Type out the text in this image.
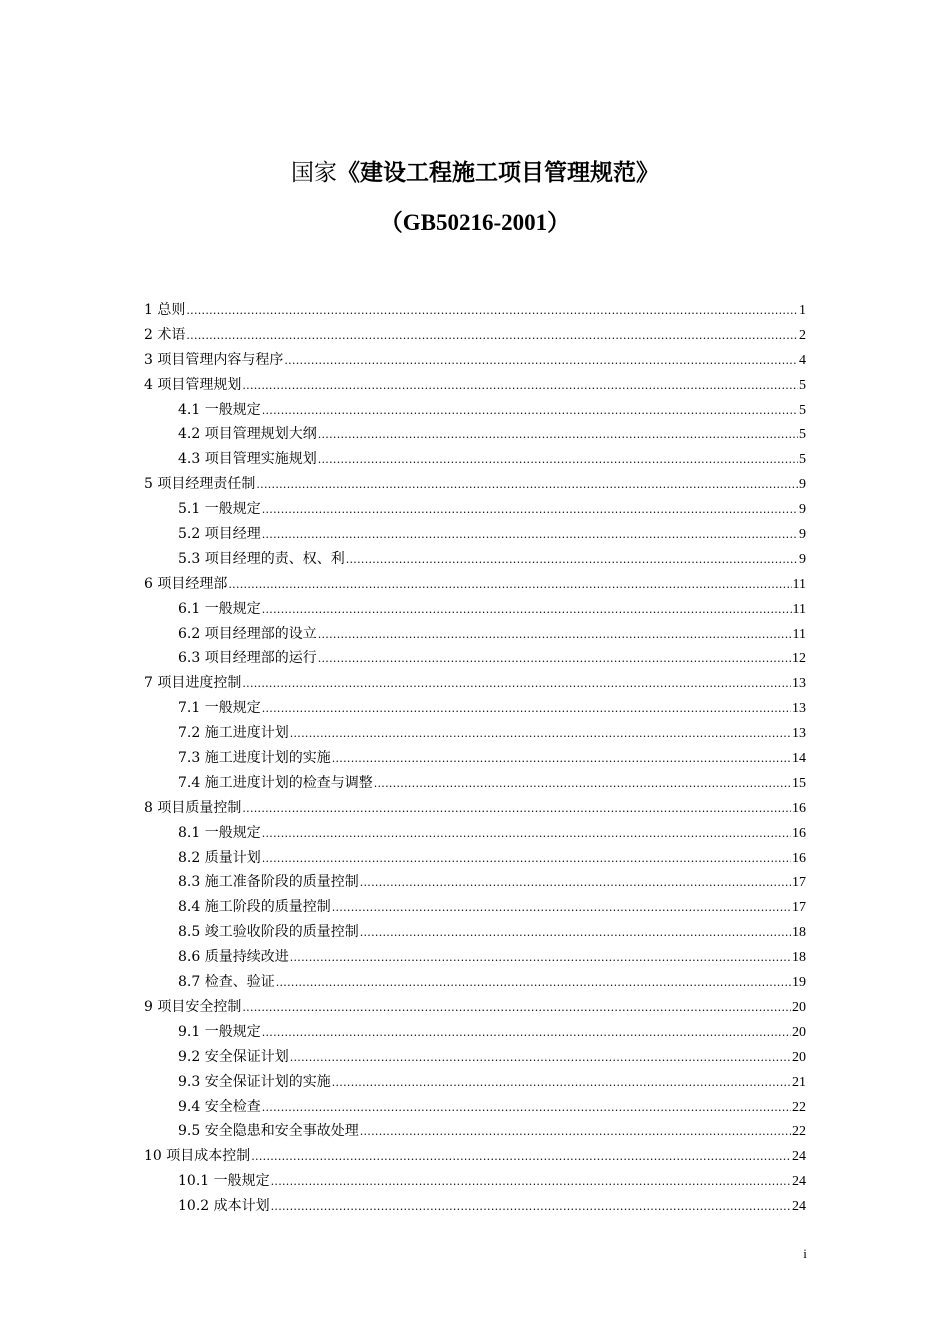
国家《建设工程施工项目管理规范》
（GB50216-2001）
1 总则 .....	1
2 术语 .....	2
3 项目管理内容与程序 .....	4
4 项目管理规划 .....	5
4.1 一般规定 .....	5
4.2 项目管理规划大纲 .....	5
4.3 项目管理实施规划 .....	5
5 项目经理责任制 .....	9
5.1 一般规定 .....	9
5.2 项目经理 .....	9
5.3 项目经理的责、权、利 .....	9
6 项目经理部 .....	11
6.1 一般规定 .....	11
6.2 项目经理部的设立 .....	11
6.3 项目经理部的运行 .....	12
7 项目进度控制 .....	13
7.1 一般规定 .....	13
7.2 施工进度计划 .....	13
7.3 施工进度计划的实施 .....	14
7.4 施工进度计划的检查与调整 .....	15
8 项目质量控制 .....	16
8.1 一般规定 .....	16
8.2 质量计划 .....	16
8.3 施工准备阶段的质量控制 .....	17
8.4 施工阶段的质量控制 .....	17
8.5 竣工验收阶段的质量控制 .....	18
8.6 质量持续改进 .....	18
8.7 检查、验证 .....	19
9 项目安全控制 .....	20
9.1 一般规定 .....	20
9.2 安全保证计划 .....	20
9.3 安全保证计划的实施 .....	21
9.4 安全检查 .....	22
9.5 安全隐患和安全事故处理 .....	22
10 项目成本控制 .....	24
10.1 一般规定 .....	24
10.2 成本计划 .....	24
i
